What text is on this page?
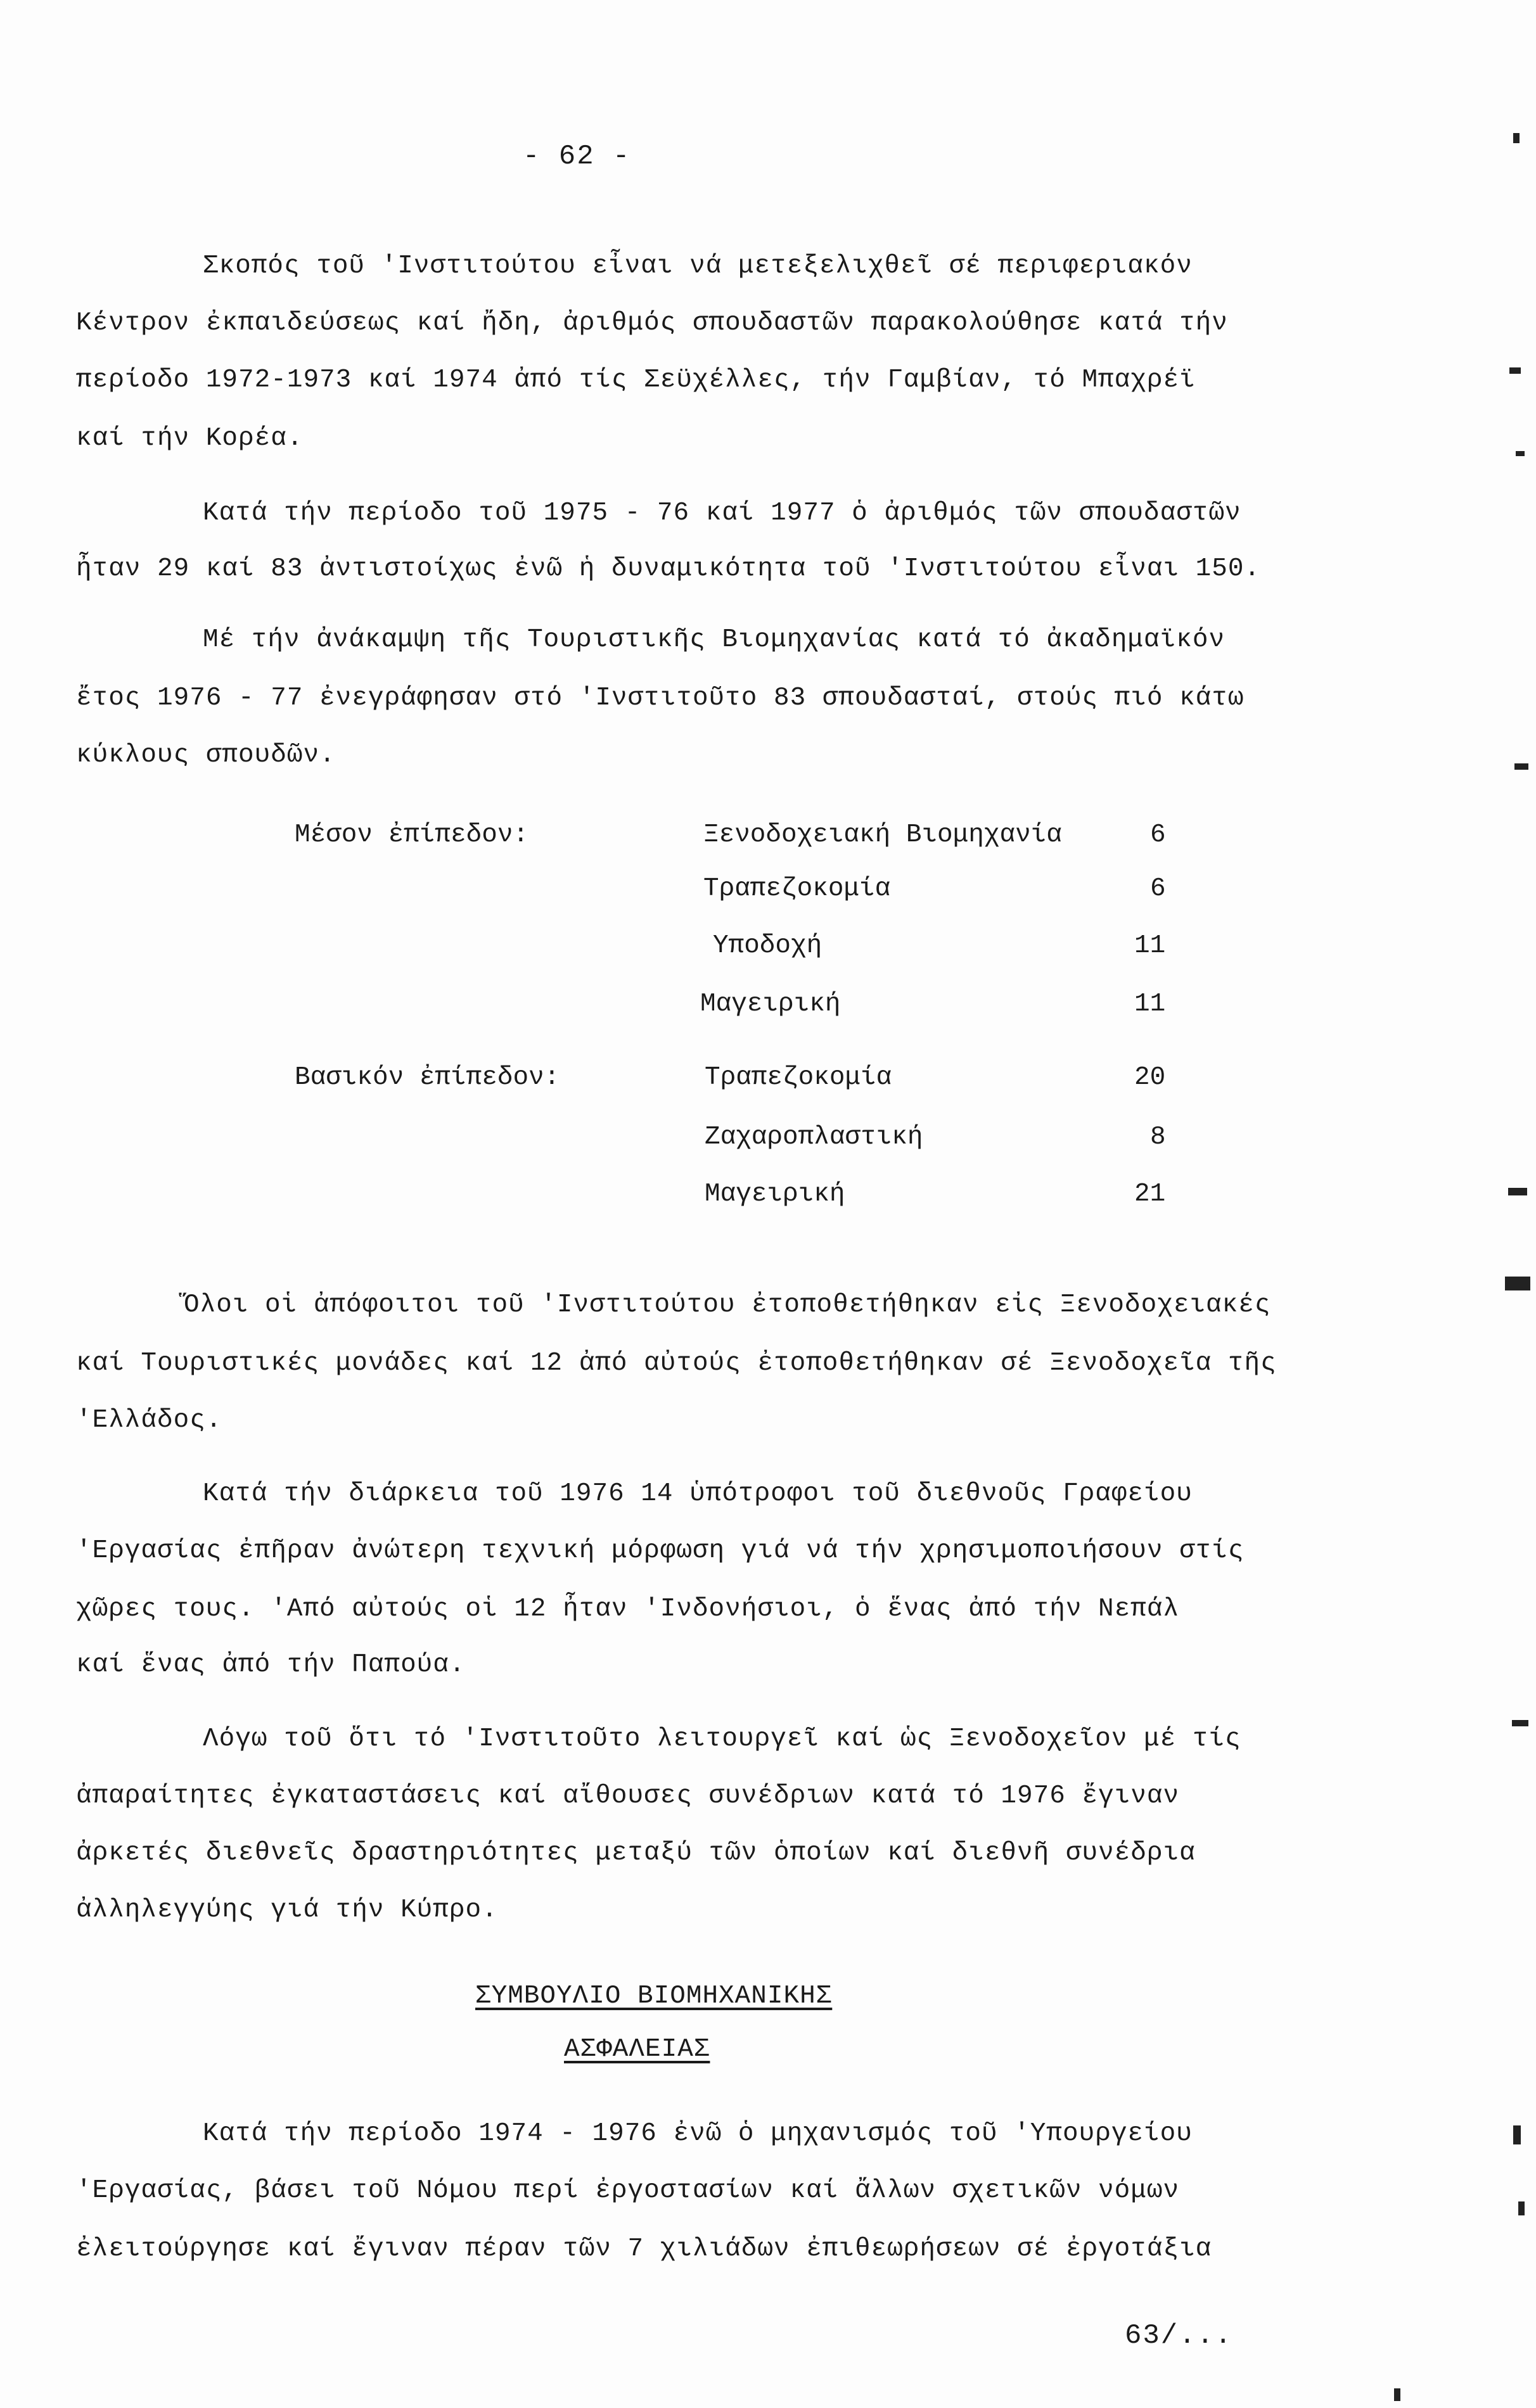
- 62 -
Σκοπός τοῦ 'Ινστιτούτου εἶναι νά μετεξελιχθεῖ σέ περιφεριακόν
Κέντρον ἐκπαιδεύσεως καί ἤδη, ἀριθμός σπουδαστῶν παρακολούθησε κατά τήν
περίοδο 1972-1973 καί 1974 ἀπό τίς Σεϋχέλλες, τήν Γαμβίαν, τό Μπαχρέϊ
καί τήν Κορέα.
Κατά τήν περίοδο τοῦ 1975 - 76 καί 1977 ὁ ἀριθμός τῶν σπουδαστῶν
ἦταν 29 καί 83 ἀντιστοίχως ἐνῶ ἡ δυναμικότητα τοῦ 'Ινστιτούτου εἶναι 150.
Μέ τήν ἀνάκαμψη τῆς Τουριστικῆς Βιομηχανίας κατά τό ἀκαδημαϊκόν
ἔτος 1976 - 77 ἐνεγράφησαν στό 'Ινστιτοῦτο 83 σπουδασταί, στούς πιό κάτω
κύκλους σπουδῶν.
Μέσον ἐπίπεδον:	Ξενοδοχειακή Βιομηχανία	6
Τραπεζοκομία	6
Υποδοχή	11
Μαγειρική	11
Βασικόν ἐπίπεδον:	Τραπεζοκομία	20
Ζαχαροπλαστική	8
Μαγειρική	21
Ὅλοι οἱ ἀπόφοιτοι τοῦ 'Ινστιτούτου ἐτοποθετήθηκαν εἰς Ξενοδοχειακές
καί Τουριστικές μονάδες καί 12 ἀπό αὐτούς ἐτοποθετήθηκαν σέ Ξενοδοχεῖα τῆς
'Ελλάδος.
Κατά τήν διάρκεια τοῦ 1976 14 ὑπότροφοι τοῦ διεθνοῦς Γραφείου
'Εργασίας ἐπῆραν ἀνώτερη τεχνική μόρφωση γιά νά τήν χρησιμοποιήσουν στίς
χῶρες τους. 'Από αὐτούς οἱ 12 ἦταν 'Ινδονήσιοι, ὁ ἕνας ἀπό τήν Νεπάλ
καί ἕνας ἀπό τήν Παπούα.
Λόγω τοῦ ὅτι τό 'Ινστιτοῦτο λειτουργεῖ καί ὡς Ξενοδοχεῖον μέ τίς
ἀπαραίτητες ἐγκαταστάσεις καί αἴθουσες συνέδριων κατά τό 1976 ἔγιναν
ἀρκετές διεθνεῖς δραστηριότητες μεταξύ τῶν ὁποίων καί διεθνῆ συνέδρια
ἀλληλεγγύης γιά τήν Κύπρο.
ΣΥΜΒΟΥΛΙΟ ΒΙΟΜΗΧΑΝΙΚΗΣ
ΑΣΦΑΛΕΙΑΣ
Κατά τήν περίοδο 1974 - 1976 ἐνῶ ὁ μηχανισμός τοῦ 'Υπουργείου
'Εργασίας, βάσει τοῦ Νόμου περί ἐργοστασίων καί ἄλλων σχετικῶν νόμων
ἐλειτούργησε καί ἔγιναν πέραν τῶν 7 χιλιάδων ἐπιθεωρήσεων σέ ἐργοτάξια
63/...
